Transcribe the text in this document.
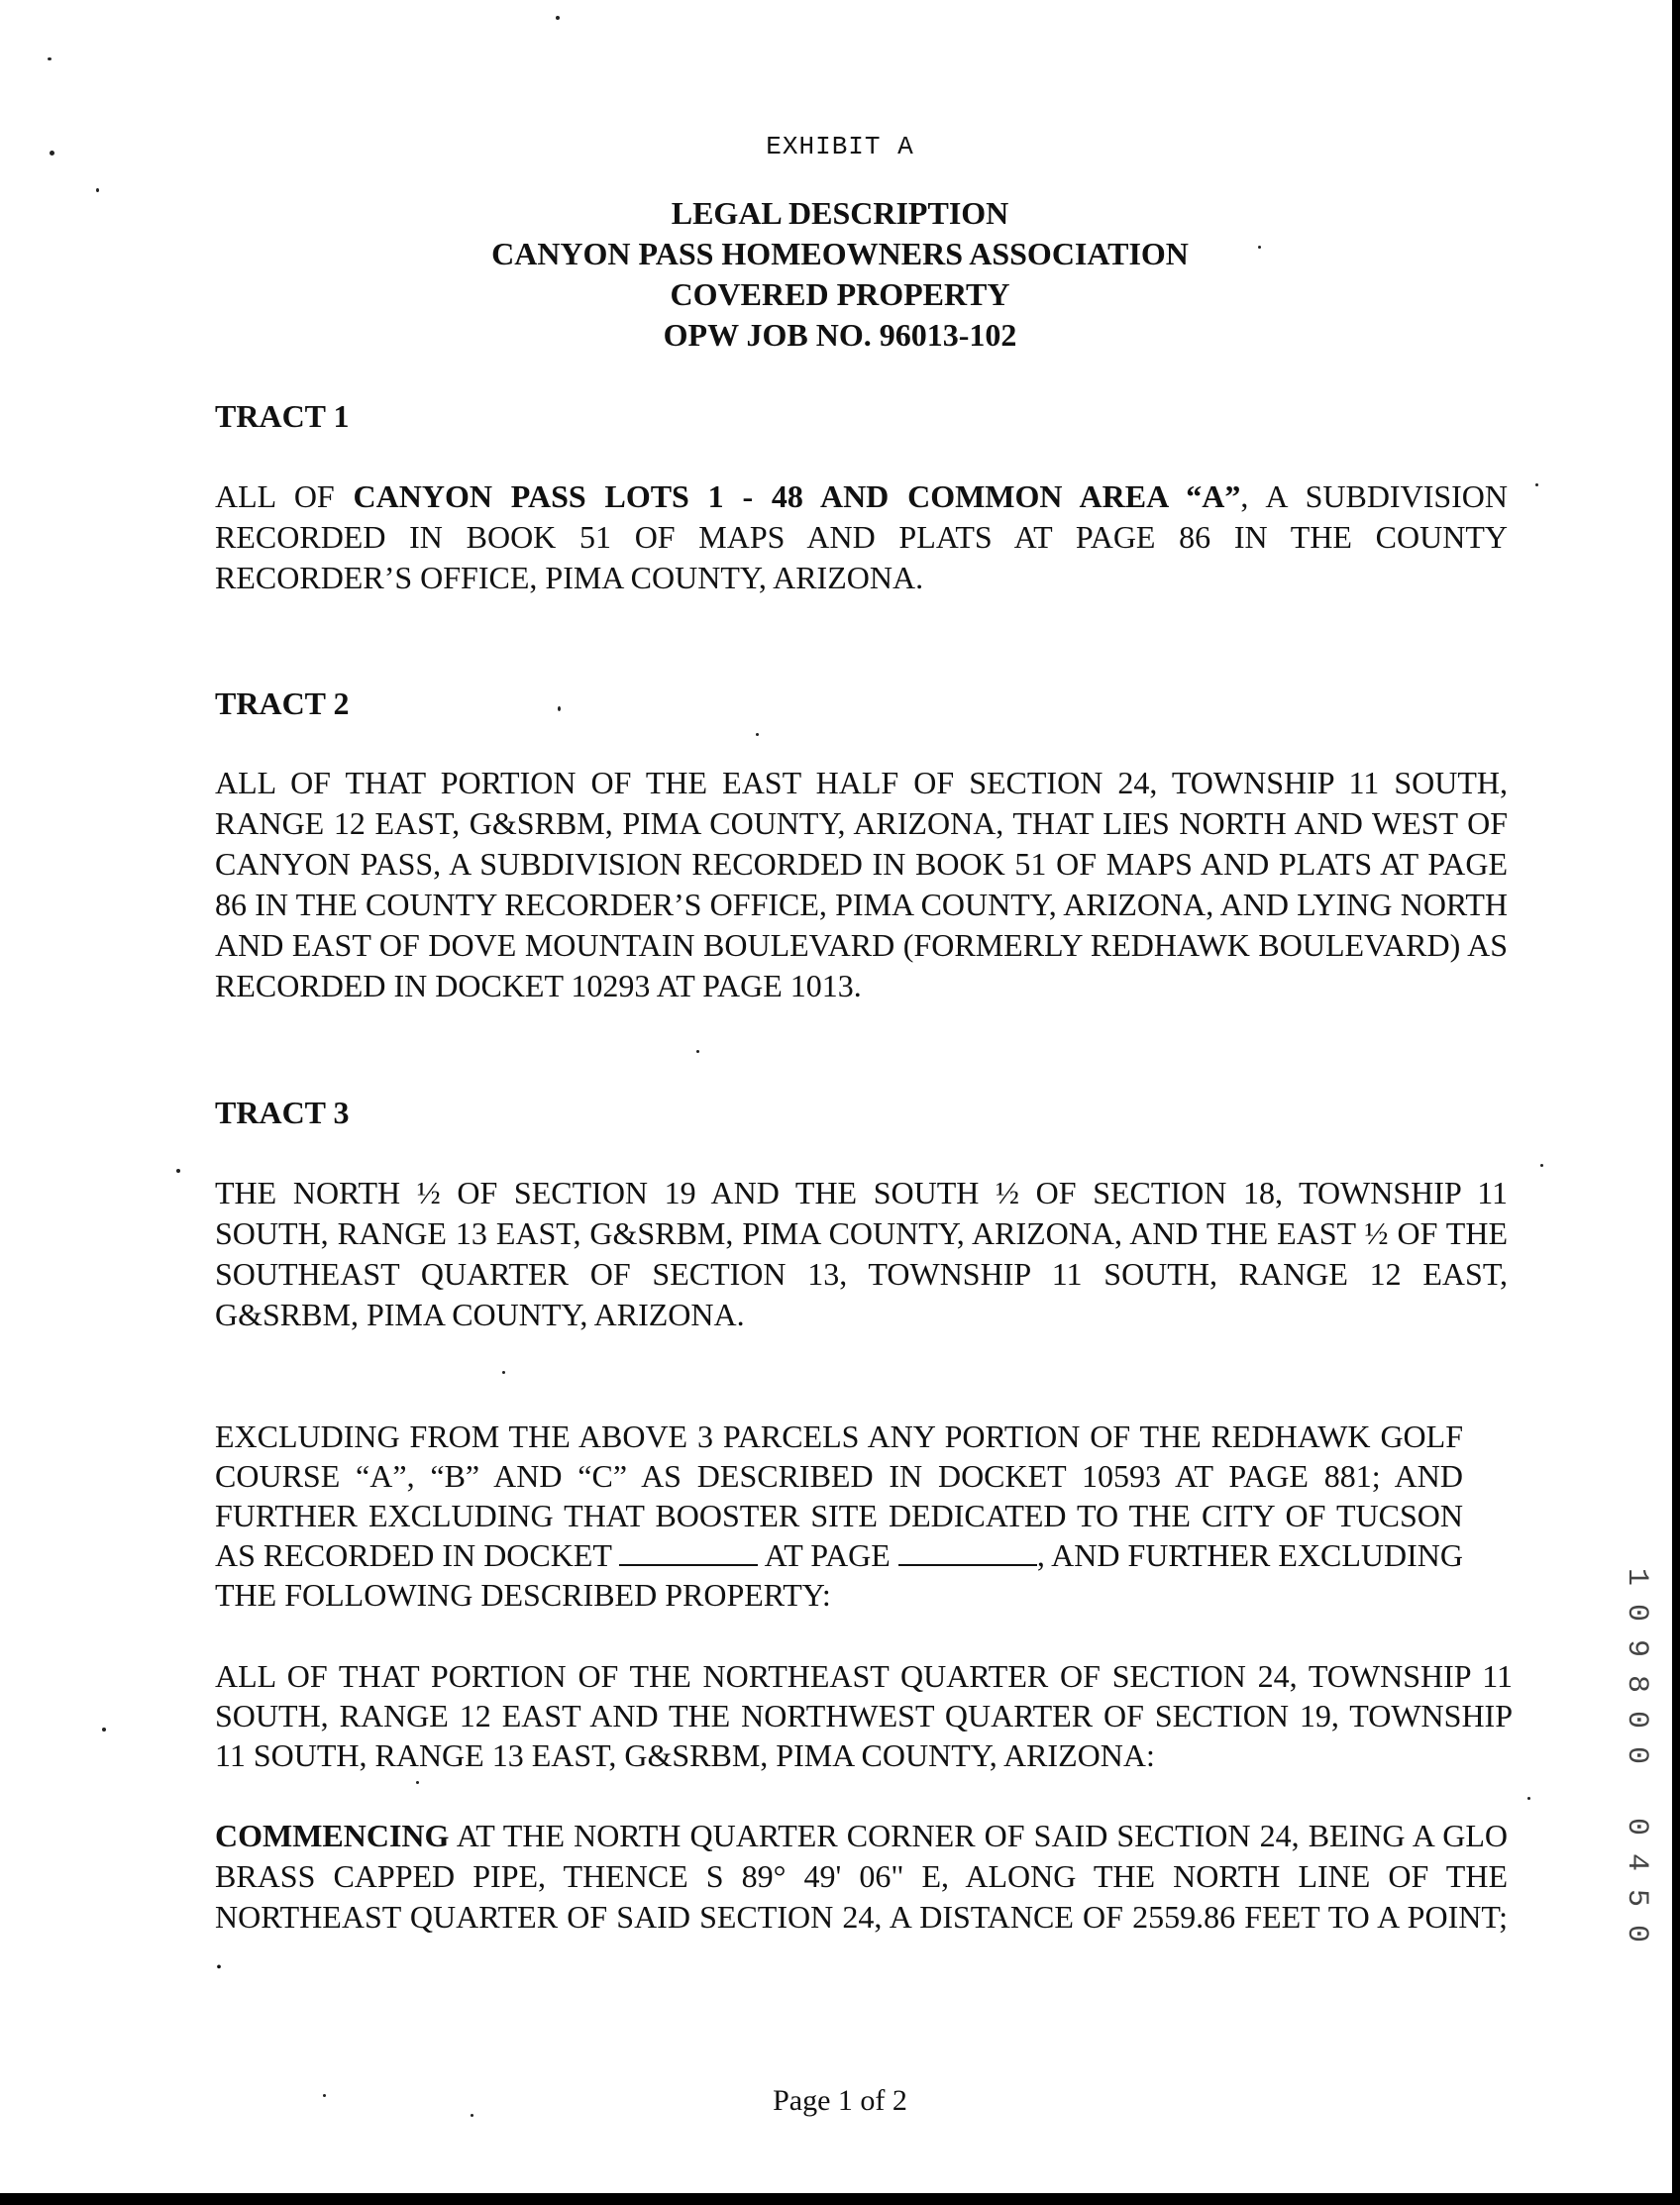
EXHIBIT A
LEGAL DESCRIPTION
CANYON PASS HOMEOWNERS ASSOCIATION
COVERED PROPERTY
OPW JOB NO. 96013-102
TRACT 1
ALL OF CANYON PASS LOTS 1 - 48 AND COMMON AREA “A”, A SUBDIVISION RECORDED IN BOOK 51 OF MAPS AND PLATS AT PAGE 86 IN THE COUNTY RECORDER’S OFFICE, PIMA COUNTY, ARIZONA.
TRACT 2
ALL OF THAT PORTION OF THE EAST HALF OF SECTION 24, TOWNSHIP 11 SOUTH, RANGE 12 EAST, G&SRBM, PIMA COUNTY, ARIZONA, THAT LIES NORTH AND WEST OF CANYON PASS, A SUBDIVISION RECORDED IN BOOK 51 OF MAPS AND PLATS AT PAGE 86 IN THE COUNTY RECORDER’S OFFICE, PIMA COUNTY, ARIZONA, AND LYING NORTH AND EAST OF DOVE MOUNTAIN BOULEVARD (FORMERLY REDHAWK BOULEVARD) AS RECORDED IN DOCKET 10293 AT PAGE 1013.
TRACT 3
THE NORTH ½ OF SECTION 19 AND THE SOUTH ½ OF SECTION 18, TOWNSHIP 11 SOUTH, RANGE 13 EAST, G&SRBM, PIMA COUNTY, ARIZONA, AND THE EAST ½ OF THE SOUTHEAST QUARTER OF SECTION 13, TOWNSHIP 11 SOUTH, RANGE 12 EAST, G&SRBM, PIMA COUNTY, ARIZONA.
EXCLUDING FROM THE ABOVE 3 PARCELS ANY PORTION OF THE REDHAWK GOLF COURSE “A”, “B” AND “C” AS DESCRIBED IN DOCKET 10593 AT PAGE 881; AND FURTHER EXCLUDING THAT BOOSTER SITE DEDICATED TO THE CITY OF TUCSON AS RECORDED IN DOCKET	AT PAGE	, AND FURTHER EXCLUDING THE FOLLOWING DESCRIBED PROPERTY:
ALL OF THAT PORTION OF THE NORTHEAST QUARTER OF SECTION 24, TOWNSHIP 11 SOUTH, RANGE 12 EAST AND THE NORTHWEST QUARTER OF SECTION 19, TOWNSHIP 11 SOUTH, RANGE 13 EAST, G&SRBM, PIMA COUNTY, ARIZONA:
COMMENCING AT THE NORTH QUARTER CORNER OF SAID SECTION 24, BEING A GLO BRASS CAPPED PIPE, THENCE S 89° 49' 06" E, ALONG THE NORTH LINE OF THE NORTHEAST QUARTER OF SAID SECTION 24, A DISTANCE OF 2559.86 FEET TO A POINT; .
Page 1 of 2
1
0
9
8
0
0
0
4
5
0
